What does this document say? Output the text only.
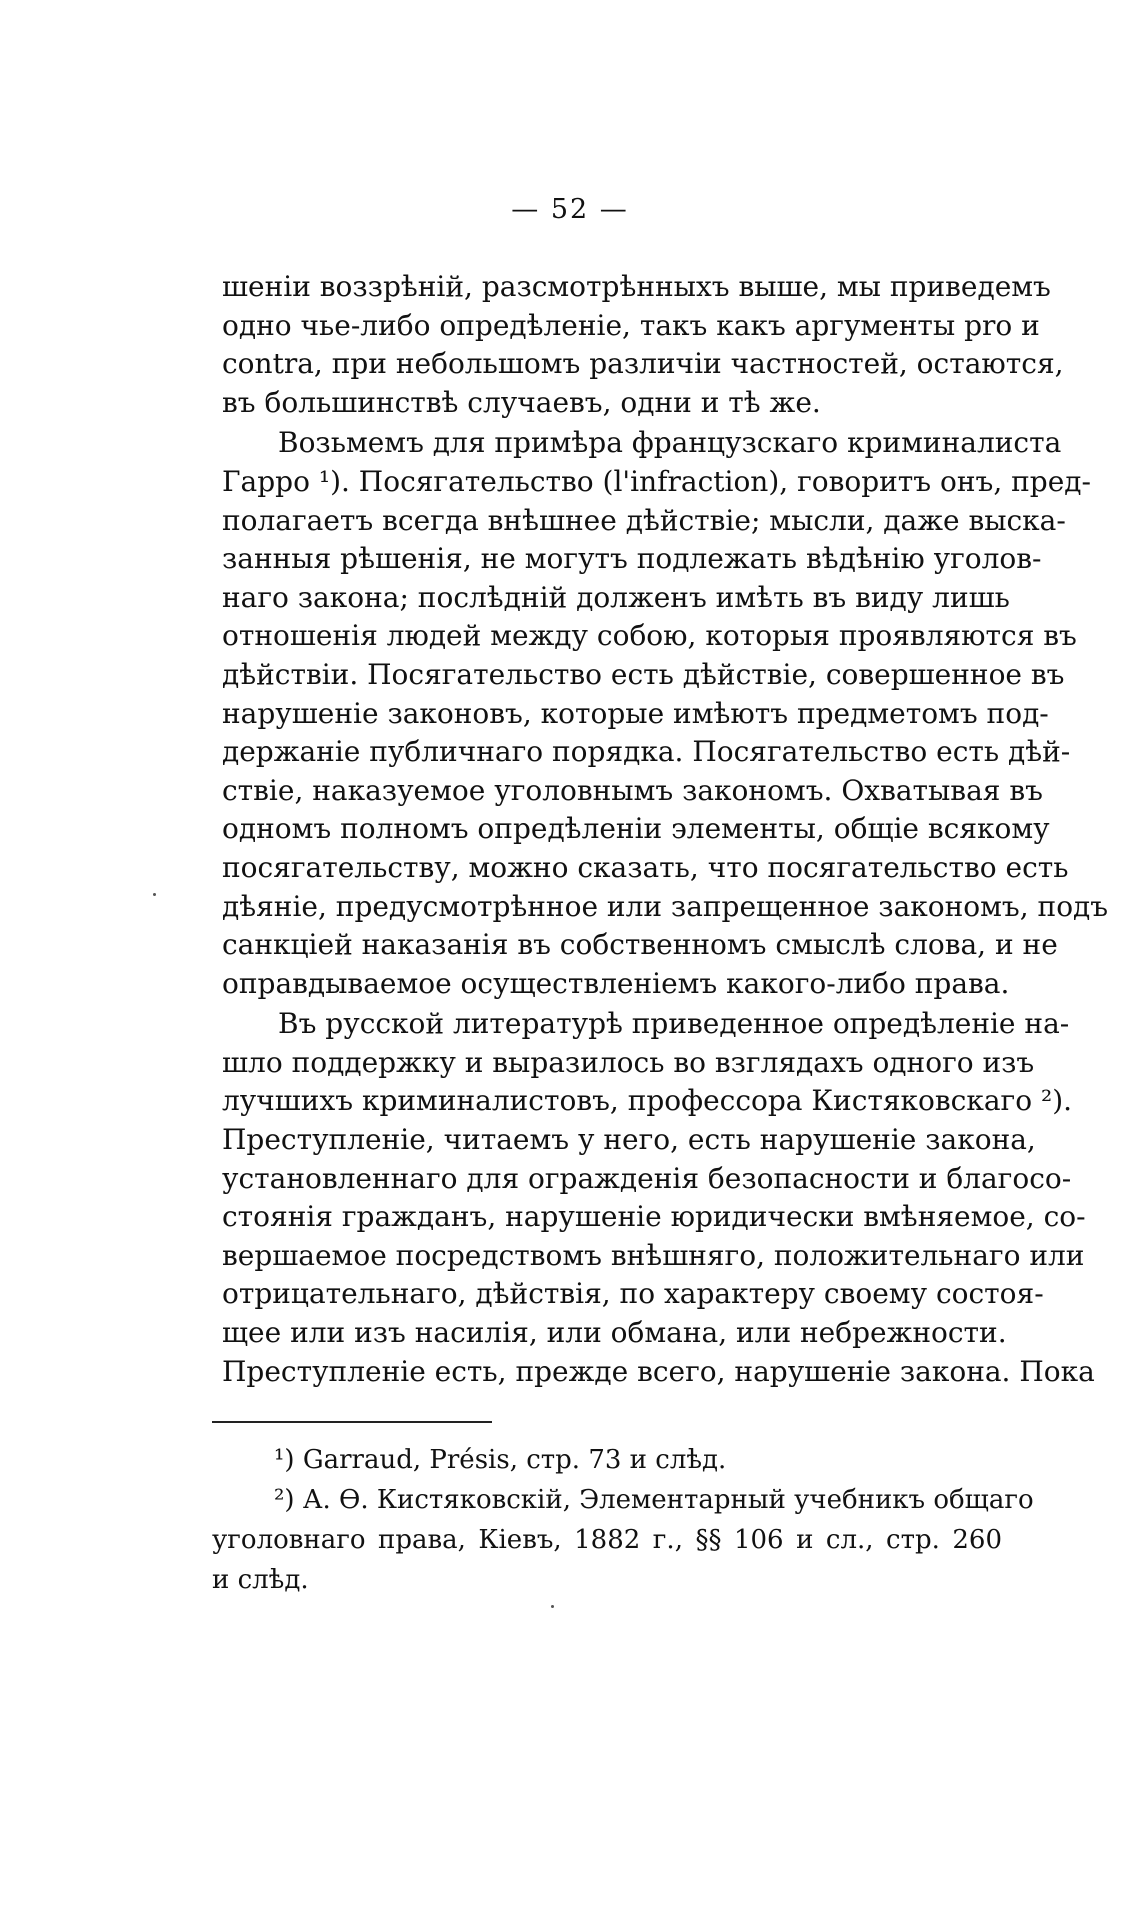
— 52 —
шенiи воззрѣнiй, разсмотрѣнныхъ выше, мы приведемъ
одно чье-либо опредѣленiе, такъ какъ аргументы pro и
contra, при небольшомъ различiи частностей, остаются,
въ большинствѣ случаевъ, одни и тѣ же.
Возьмемъ для примѣра французскаго криминалиста
Гарро ¹). Посягательство (l'infraction), говоритъ онъ, пред-
полагаетъ всегда внѣшнее дѣйствiе; мысли, даже выска-
занныя рѣшенiя, не могутъ подлежать вѣдѣнiю уголов-
наго закона; послѣднiй долженъ имѣть въ виду лишь
отношенiя людей между собою, которыя проявляются въ
дѣйствiи. Посягательство есть дѣйствiе, совершенное въ
нарушенiе законовъ, которые имѣютъ предметомъ под-
держанiе публичнаго порядка. Посягательство есть дѣй-
ствiе, наказуемое уголовнымъ закономъ. Охватывая въ
одномъ полномъ опредѣленiи элементы, общiе всякому
посягательству, можно сказать, что посягательство есть
дѣянiе, предусмотрѣнное или запрещенное закономъ, подъ
санкцiей наказанiя въ собственномъ смыслѣ слова, и не
оправдываемое осуществленiемъ какого-либо права.
Въ русской литературѣ приведенное опредѣленiе на-
шло поддержку и выразилось во взглядахъ одного изъ
лучшихъ криминалистовъ, профессора Кистяковскаго ²).
Преступленiе, читаемъ у него, есть нарушенiе закона,
установленнаго для огражденiя безопасности и благосо-
стоянiя гражданъ, нарушенiе юридически вмѣняемое, со-
вершаемое посредствомъ внѣшняго, положительнаго или
отрицательнаго, дѣйствiя, по характеру своему состоя-
щее или изъ насилiя, или обмана, или небрежности.
Преступленiе есть, прежде всего, нарушенiе закона. Пока
¹) Garraud, Présis, стр. 73 и слѣд.
²) А. Ѳ. Кистяковскiй, Элементарный учебникъ общаго
уголовнаго права, Кiевъ, 1882 г., §§ 106 и сл., стр. 260
и слѣд.
